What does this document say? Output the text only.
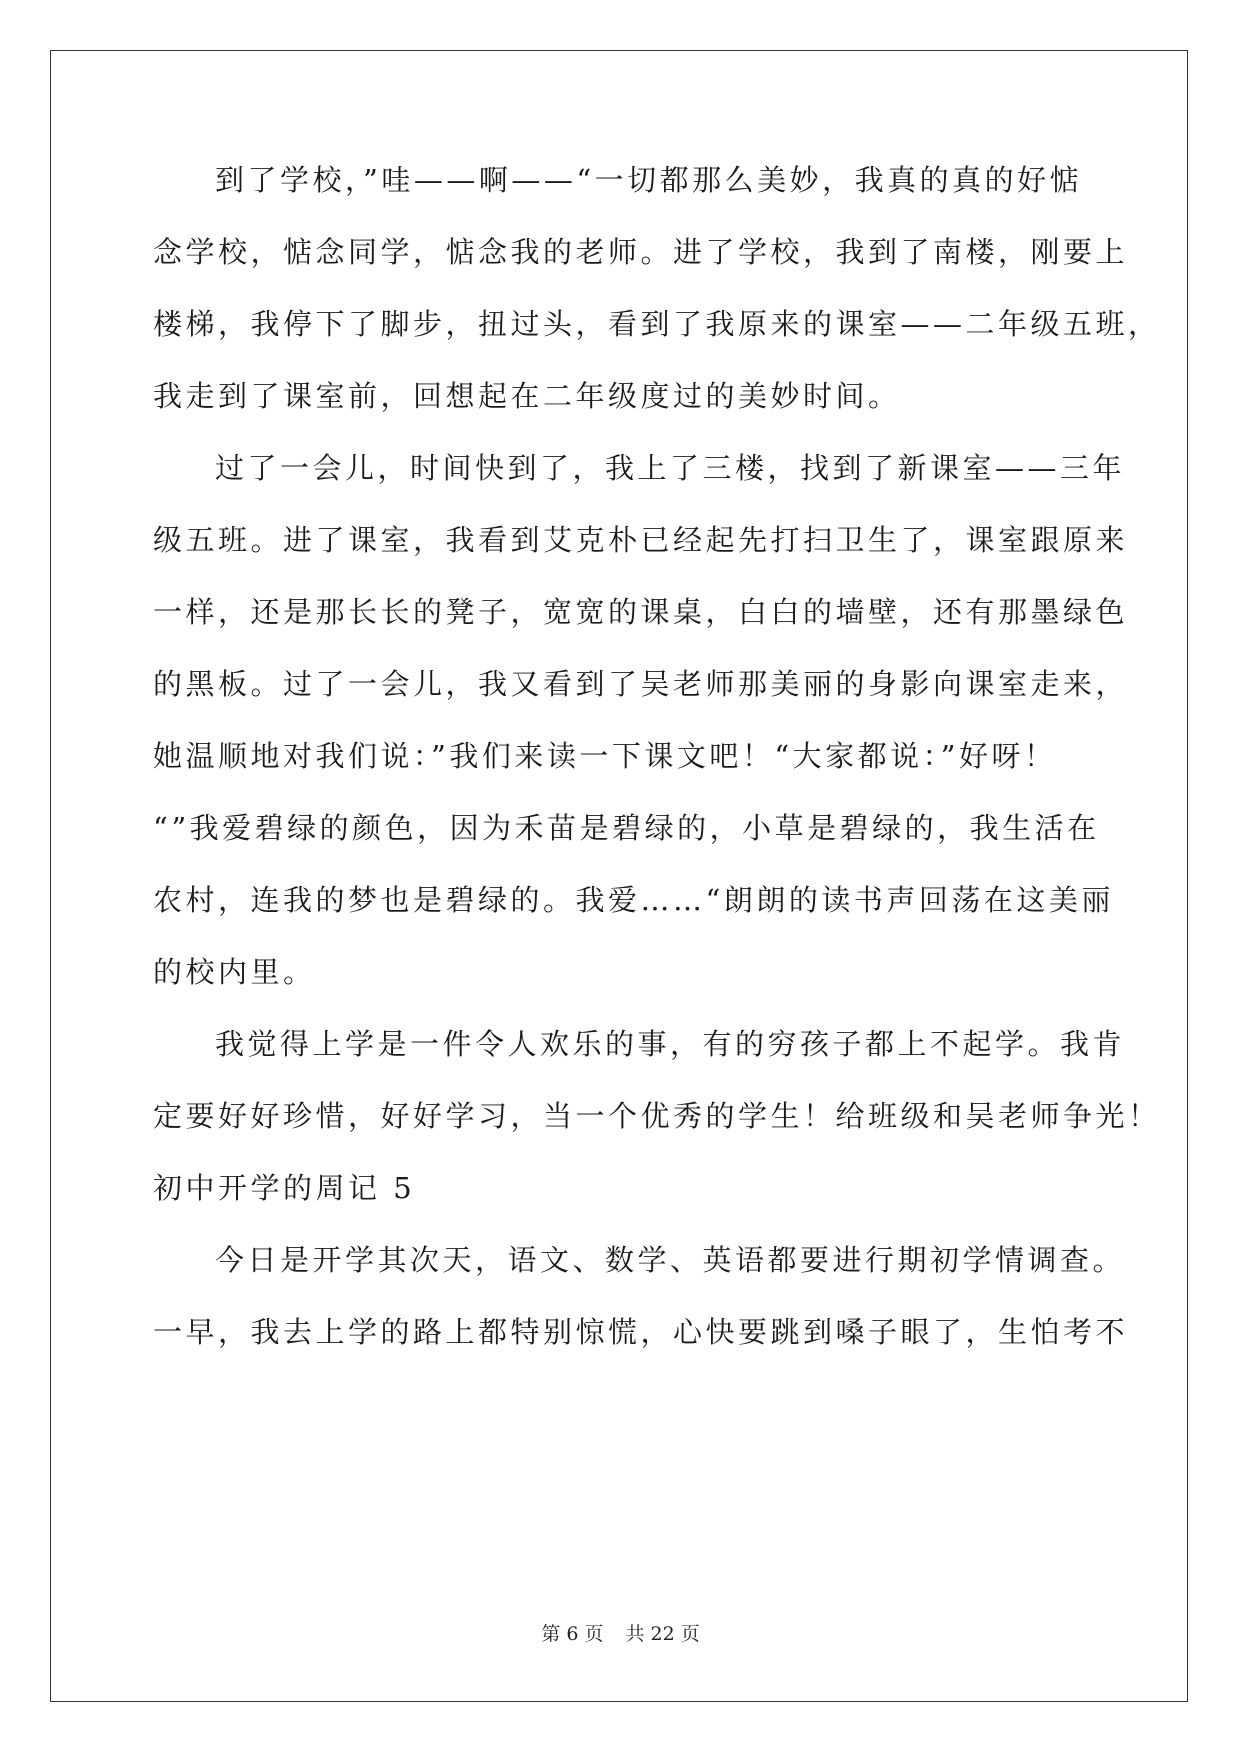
到了学校，”哇——啊——“一切都那么美妙，我真的真的好惦
念学校，惦念同学，惦念我的老师。进了学校，我到了南楼，刚要上
楼梯，我停下了脚步，扭过头，看到了我原来的课室——二年级五班，
我走到了课室前，回想起在二年级度过的美妙时间。
过了一会儿，时间快到了，我上了三楼，找到了新课室——三年
级五班。进了课室，我看到艾克朴已经起先打扫卫生了，课室跟原来
一样，还是那长长的凳子，宽宽的课桌，白白的墙壁，还有那墨绿色
的黑板。过了一会儿，我又看到了吴老师那美丽的身影向课室走来，
她温顺地对我们说：”我们来读一下课文吧！“大家都说：”好呀！
“”我爱碧绿的颜色，因为禾苗是碧绿的，小草是碧绿的，我生活在
农村，连我的梦也是碧绿的。我爱……“朗朗的读书声回荡在这美丽
的校内里。
我觉得上学是一件令人欢乐的事，有的穷孩子都上不起学。我肯
定要好好珍惜，好好学习，当一个优秀的学生！给班级和吴老师争光！
初中开学的周记 5
今日是开学其次天，语文、数学、英语都要进行期初学情调查。
一早，我去上学的路上都特别惊慌，心快要跳到嗓子眼了，生怕考不
第 6 页 共 22 页
